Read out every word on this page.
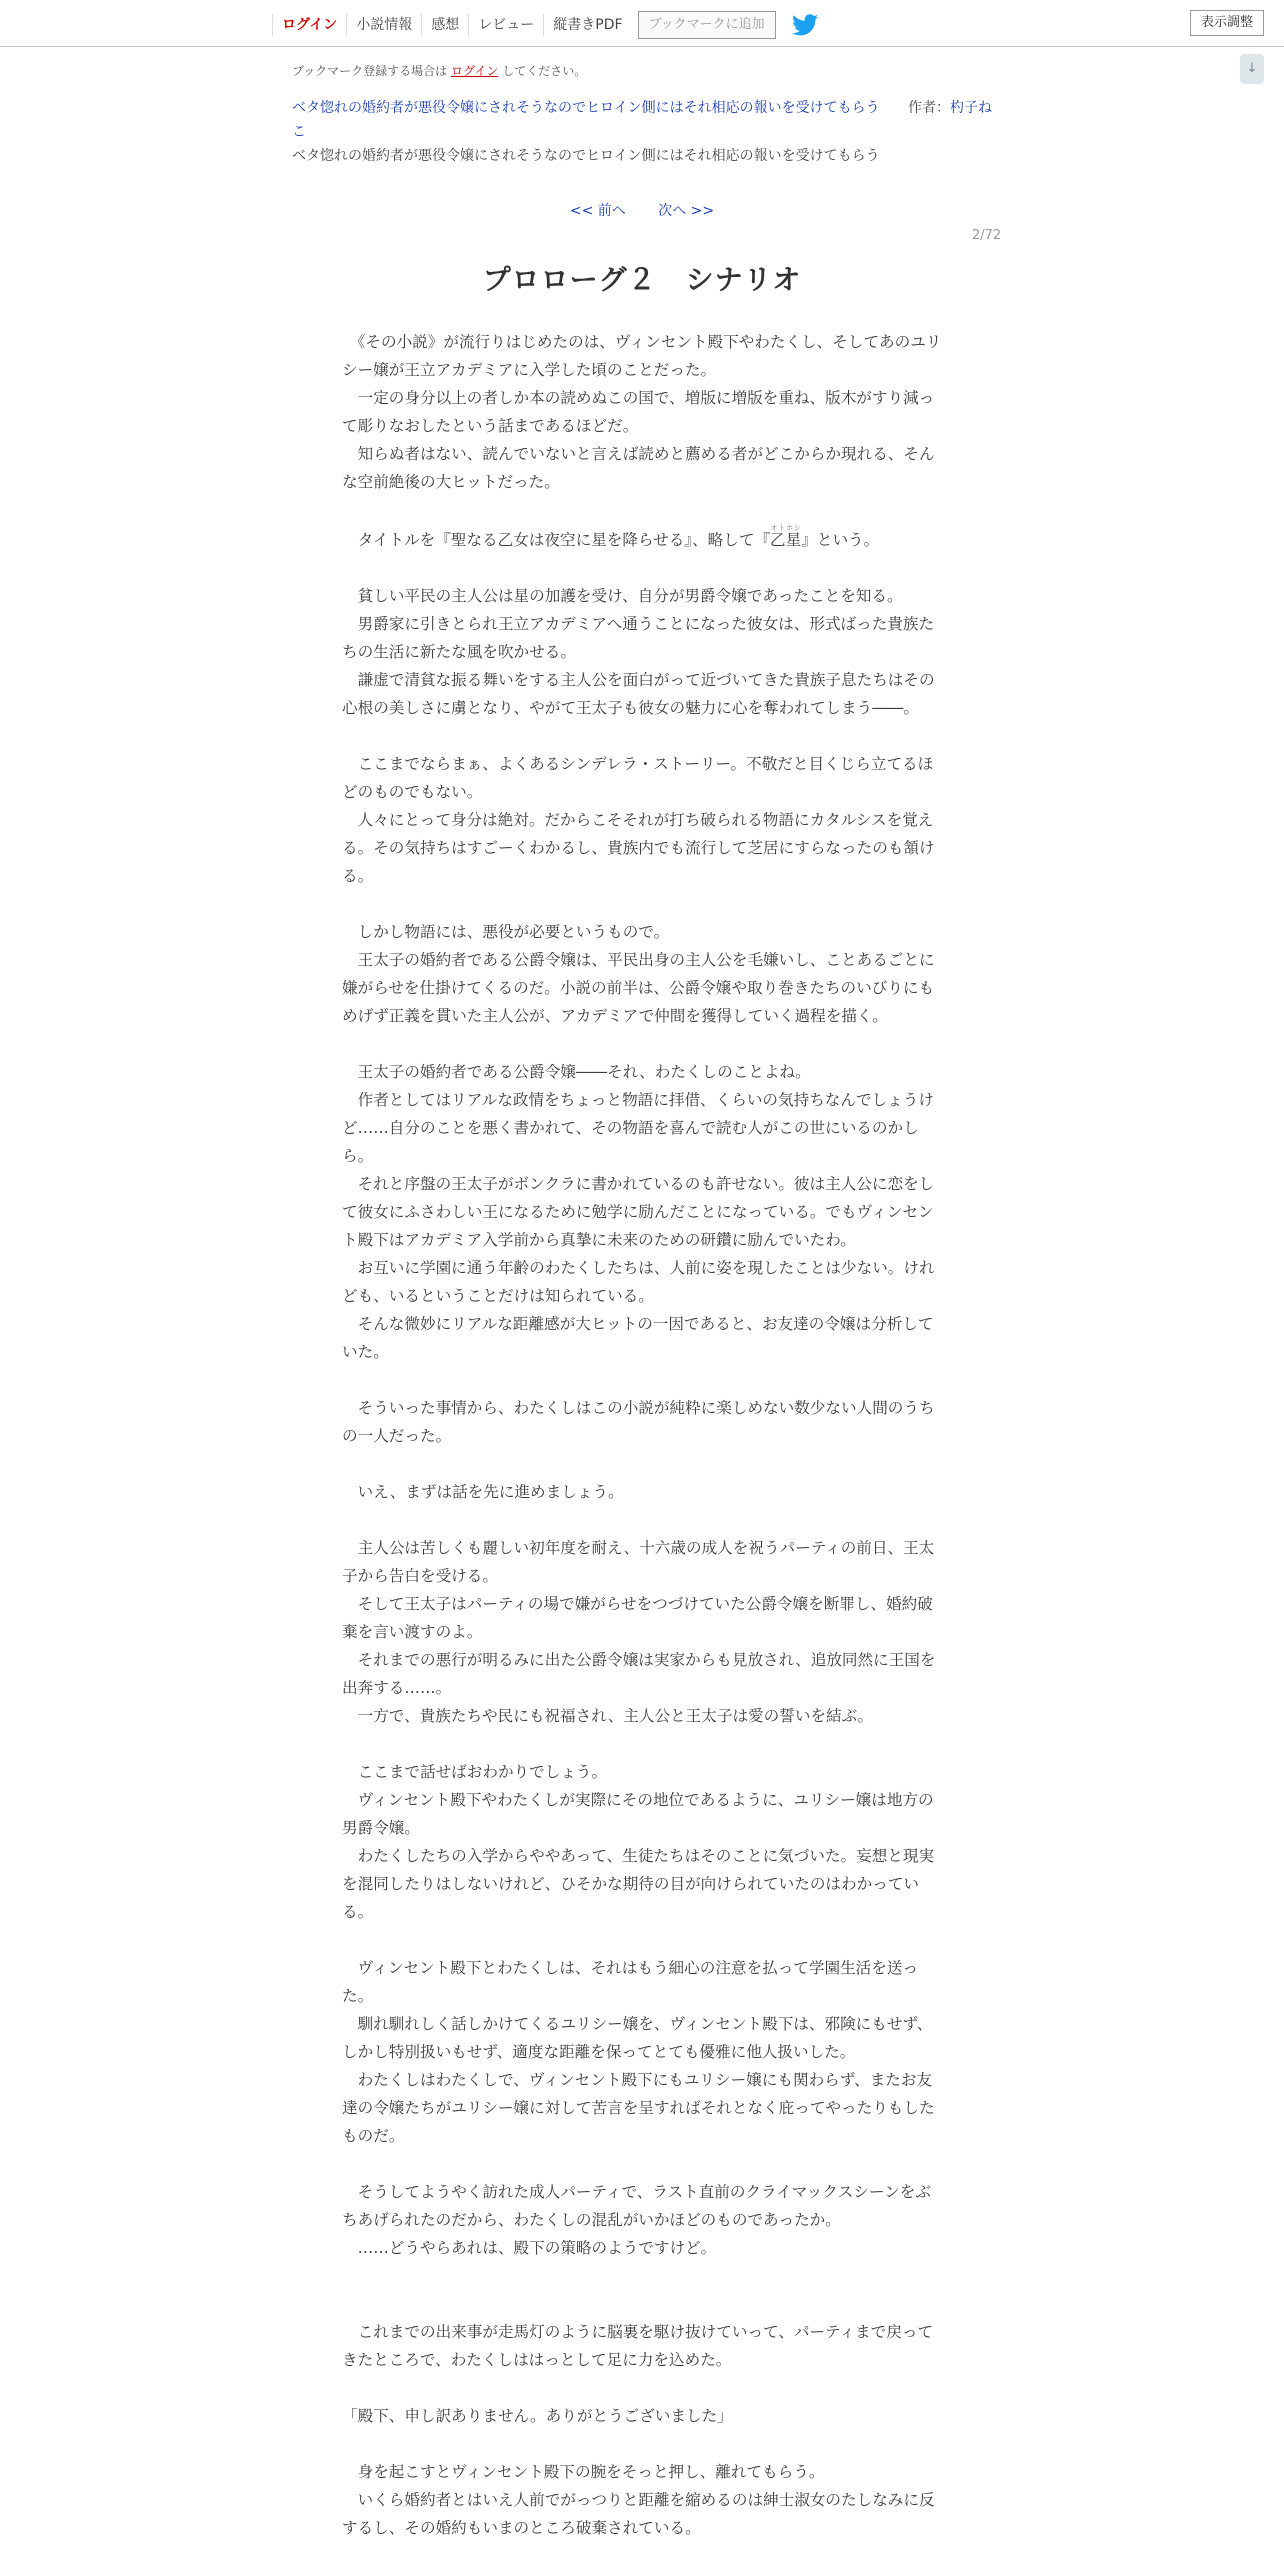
ログイン	小説情報	感想	レビュー	縦書きPDF	ブックマークに追加	表示調整
↓
ブックマーク登録する場合は ログイン してください。
ベタ惚れの婚約者が悪役令嬢にされそうなのでヒロイン側にはそれ相応の報いを受けてもらう 作者：杓子ねこ
ベタ惚れの婚約者が悪役令嬢にされそうなのでヒロイン側にはそれ相応の報いを受けてもらう
<< 前へ 次へ >>
2/72
プロローグ２　シナリオ

　《その小説》が流行りはじめたのは、ヴィンセント殿下やわたくし、そしてあのユリシー嬢が王立アカデミアに入学した頃のことだった。

　一定の身分以上の者しか本の読めぬこの国で、増版に増版を重ね、版木がすり減って彫りなおしたという話まであるほどだ。

　知らぬ者はない、読んでいないと言えば読めと薦める者がどこからか現れる、そんな空前絶後の大ヒットだった。

　タイトルを『聖なる乙女は夜空に星を降らせる』、略して『乙星オトホシ』という。

　貧しい平民の主人公は星の加護を受け、自分が男爵令嬢であったことを知る。

　男爵家に引きとられ王立アカデミアへ通うことになった彼女は、形式ばった貴族たちの生活に新たな風を吹かせる。

　謙虚で清貧な振る舞いをする主人公を面白がって近づいてきた貴族子息たちはその心根の美しさに虜となり、やがて王太子も彼女の魅力に心を奪われてしまう――。

　ここまでならまぁ、よくあるシンデレラ・ストーリー。不敬だと目くじら立てるほどのものでもない。

　人々にとって身分は絶対。だからこそそれが打ち破られる物語にカタルシスを覚える。その気持ちはすごーくわかるし、貴族内でも流行して芝居にすらなったのも頷ける。

　しかし物語には、悪役が必要というもので。

　王太子の婚約者である公爵令嬢は、平民出身の主人公を毛嫌いし、ことあるごとに嫌がらせを仕掛けてくるのだ。小説の前半は、公爵令嬢や取り巻きたちのいびりにもめげず正義を貫いた主人公が、アカデミアで仲間を獲得していく過程を描く。

　王太子の婚約者である公爵令嬢――それ、わたくしのことよね。

　作者としてはリアルな政情をちょっと物語に拝借、くらいの気持ちなんでしょうけど……自分のことを悪く書かれて、その物語を喜んで読む人がこの世にいるのかしら。

　それと序盤の王太子がボンクラに書かれているのも許せない。彼は主人公に恋をして彼女にふさわしい王になるために勉学に励んだことになっている。でもヴィンセント殿下はアカデミア入学前から真摯に未来のための研鑽に励んでいたわ。

　お互いに学園に通う年齢のわたくしたちは、人前に姿を現したことは少ない。けれども、いるということだけは知られている。

　そんな微妙にリアルな距離感が大ヒットの一因であると、お友達の令嬢は分析していた。

　そういった事情から、わたくしはこの小説が純粋に楽しめない数少ない人間のうちの一人だった。

　いえ、まずは話を先に進めましょう。

　主人公は苦しくも麗しい初年度を耐え、十六歳の成人を祝うパーティの前日、王太子から告白を受ける。

　そして王太子はパーティの場で嫌がらせをつづけていた公爵令嬢を断罪し、婚約破棄を言い渡すのよ。

　それまでの悪行が明るみに出た公爵令嬢は実家からも見放され、追放同然に王国を出奔する……。

　一方で、貴族たちや民にも祝福され、主人公と王太子は愛の誓いを結ぶ。

　ここまで話せばおわかりでしょう。

　ヴィンセント殿下やわたくしが実際にその地位であるように、ユリシー嬢は地方の男爵令嬢。

　わたくしたちの入学からややあって、生徒たちはそのことに気づいた。妄想と現実を混同したりはしないけれど、ひそかな期待の目が向けられていたのはわかっている。

　ヴィンセント殿下とわたくしは、それはもう細心の注意を払って学園生活を送った。

　馴れ馴れしく話しかけてくるユリシー嬢を、ヴィンセント殿下は、邪険にもせず、しかし特別扱いもせず、適度な距離を保ってとても優雅に他人扱いした。

　わたくしはわたくしで、ヴィンセント殿下にもユリシー嬢にも関わらず、またお友達の令嬢たちがユリシー嬢に対して苦言を呈すればそれとなく庇ってやったりもしたものだ。

　そうしてようやく訪れた成人パーティで、ラスト直前のクライマックスシーンをぶちあげられたのだから、わたくしの混乱がいかほどのものであったか。

　……どうやらあれは、殿下の策略のようですけど。

　これまでの出来事が走馬灯のように脳裏を駆け抜けていって、パーティまで戻ってきたところで、わたくしははっとして足に力を込めた。

「殿下、申し訳ありません。ありがとうございました」

　身を起こすとヴィンセント殿下の腕をそっと押し、離れてもらう。

　いくら婚約者とはいえ人前でがっつりと距離を縮めるのは紳士淑女のたしなみに反するし、その婚約もいまのところ破棄されている。
